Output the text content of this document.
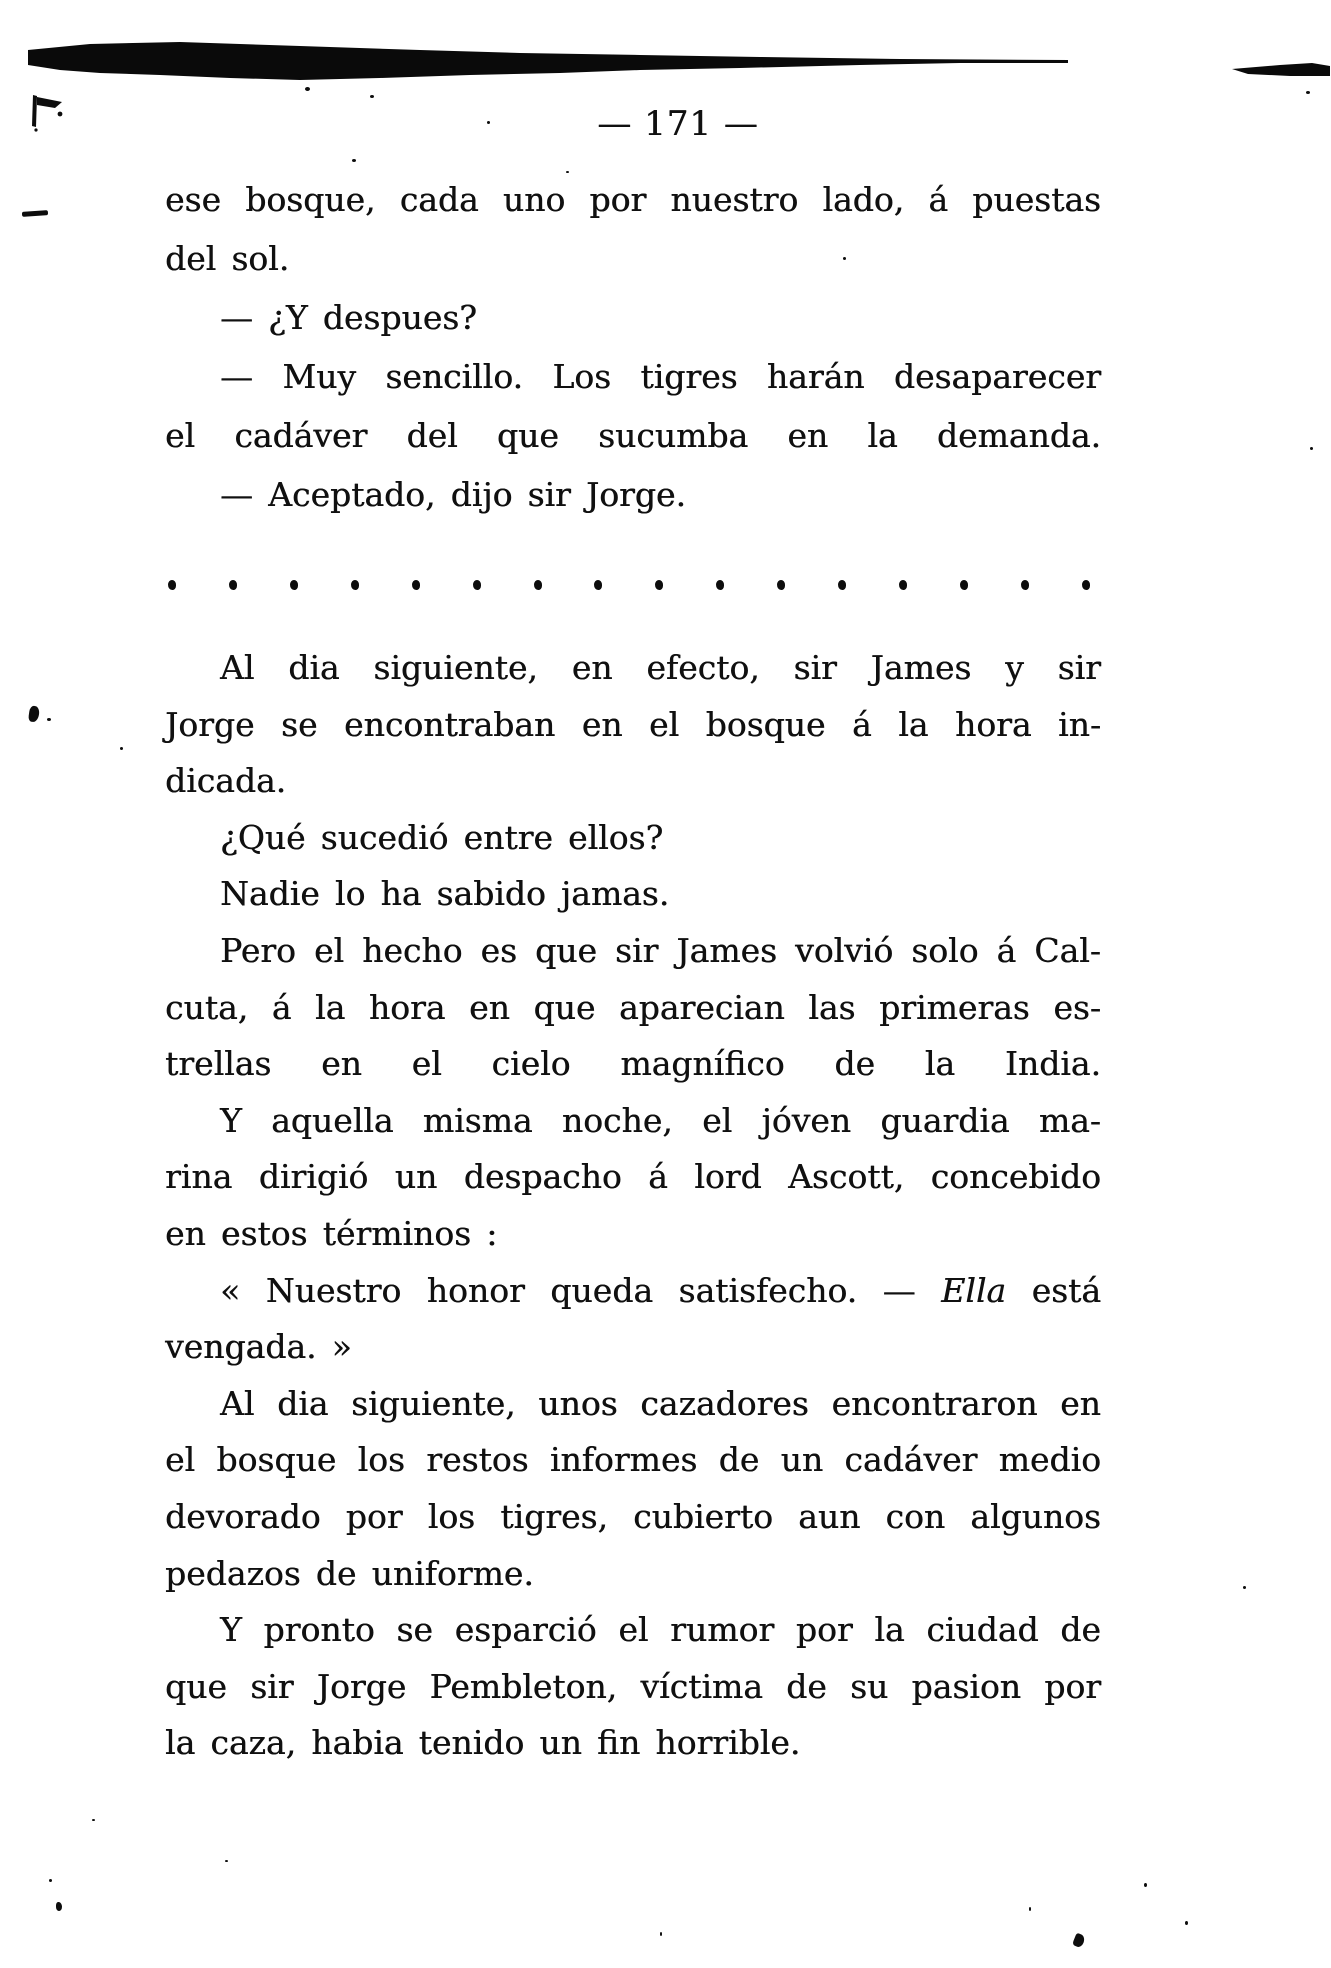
— 171 —
ese bosque, cada uno por nuestro lado, á puestas
del sol.
— ¿Y despues?
— Muy sencillo. Los tigres harán desaparecer
el cadáver del que sucumba en la demanda.
— Aceptado, dijo sir Jorge.
Al dia siguiente, en efecto, sir James y sir
Jorge se encontraban en el bosque á la hora in-
dicada.
¿Qué sucedió entre ellos?
Nadie lo ha sabido jamas.
Pero el hecho es que sir James volvió solo á Cal-
cuta, á la hora en que aparecian las primeras es-
trellas en el cielo magnífico de la India.
Y aquella misma noche, el jóven guardia ma-
rina dirigió un despacho á lord Ascott, concebido
en estos términos :
« Nuestro honor queda satisfecho. — Ella está
vengada. »
Al dia siguiente, unos cazadores encontraron en
el bosque los restos informes de un cadáver medio
devorado por los tigres, cubierto aun con algunos
pedazos de uniforme.
Y pronto se esparció el rumor por la ciudad de
que sir Jorge Pembleton, víctima de su pasion por
la caza, habia tenido un fin horrible.
